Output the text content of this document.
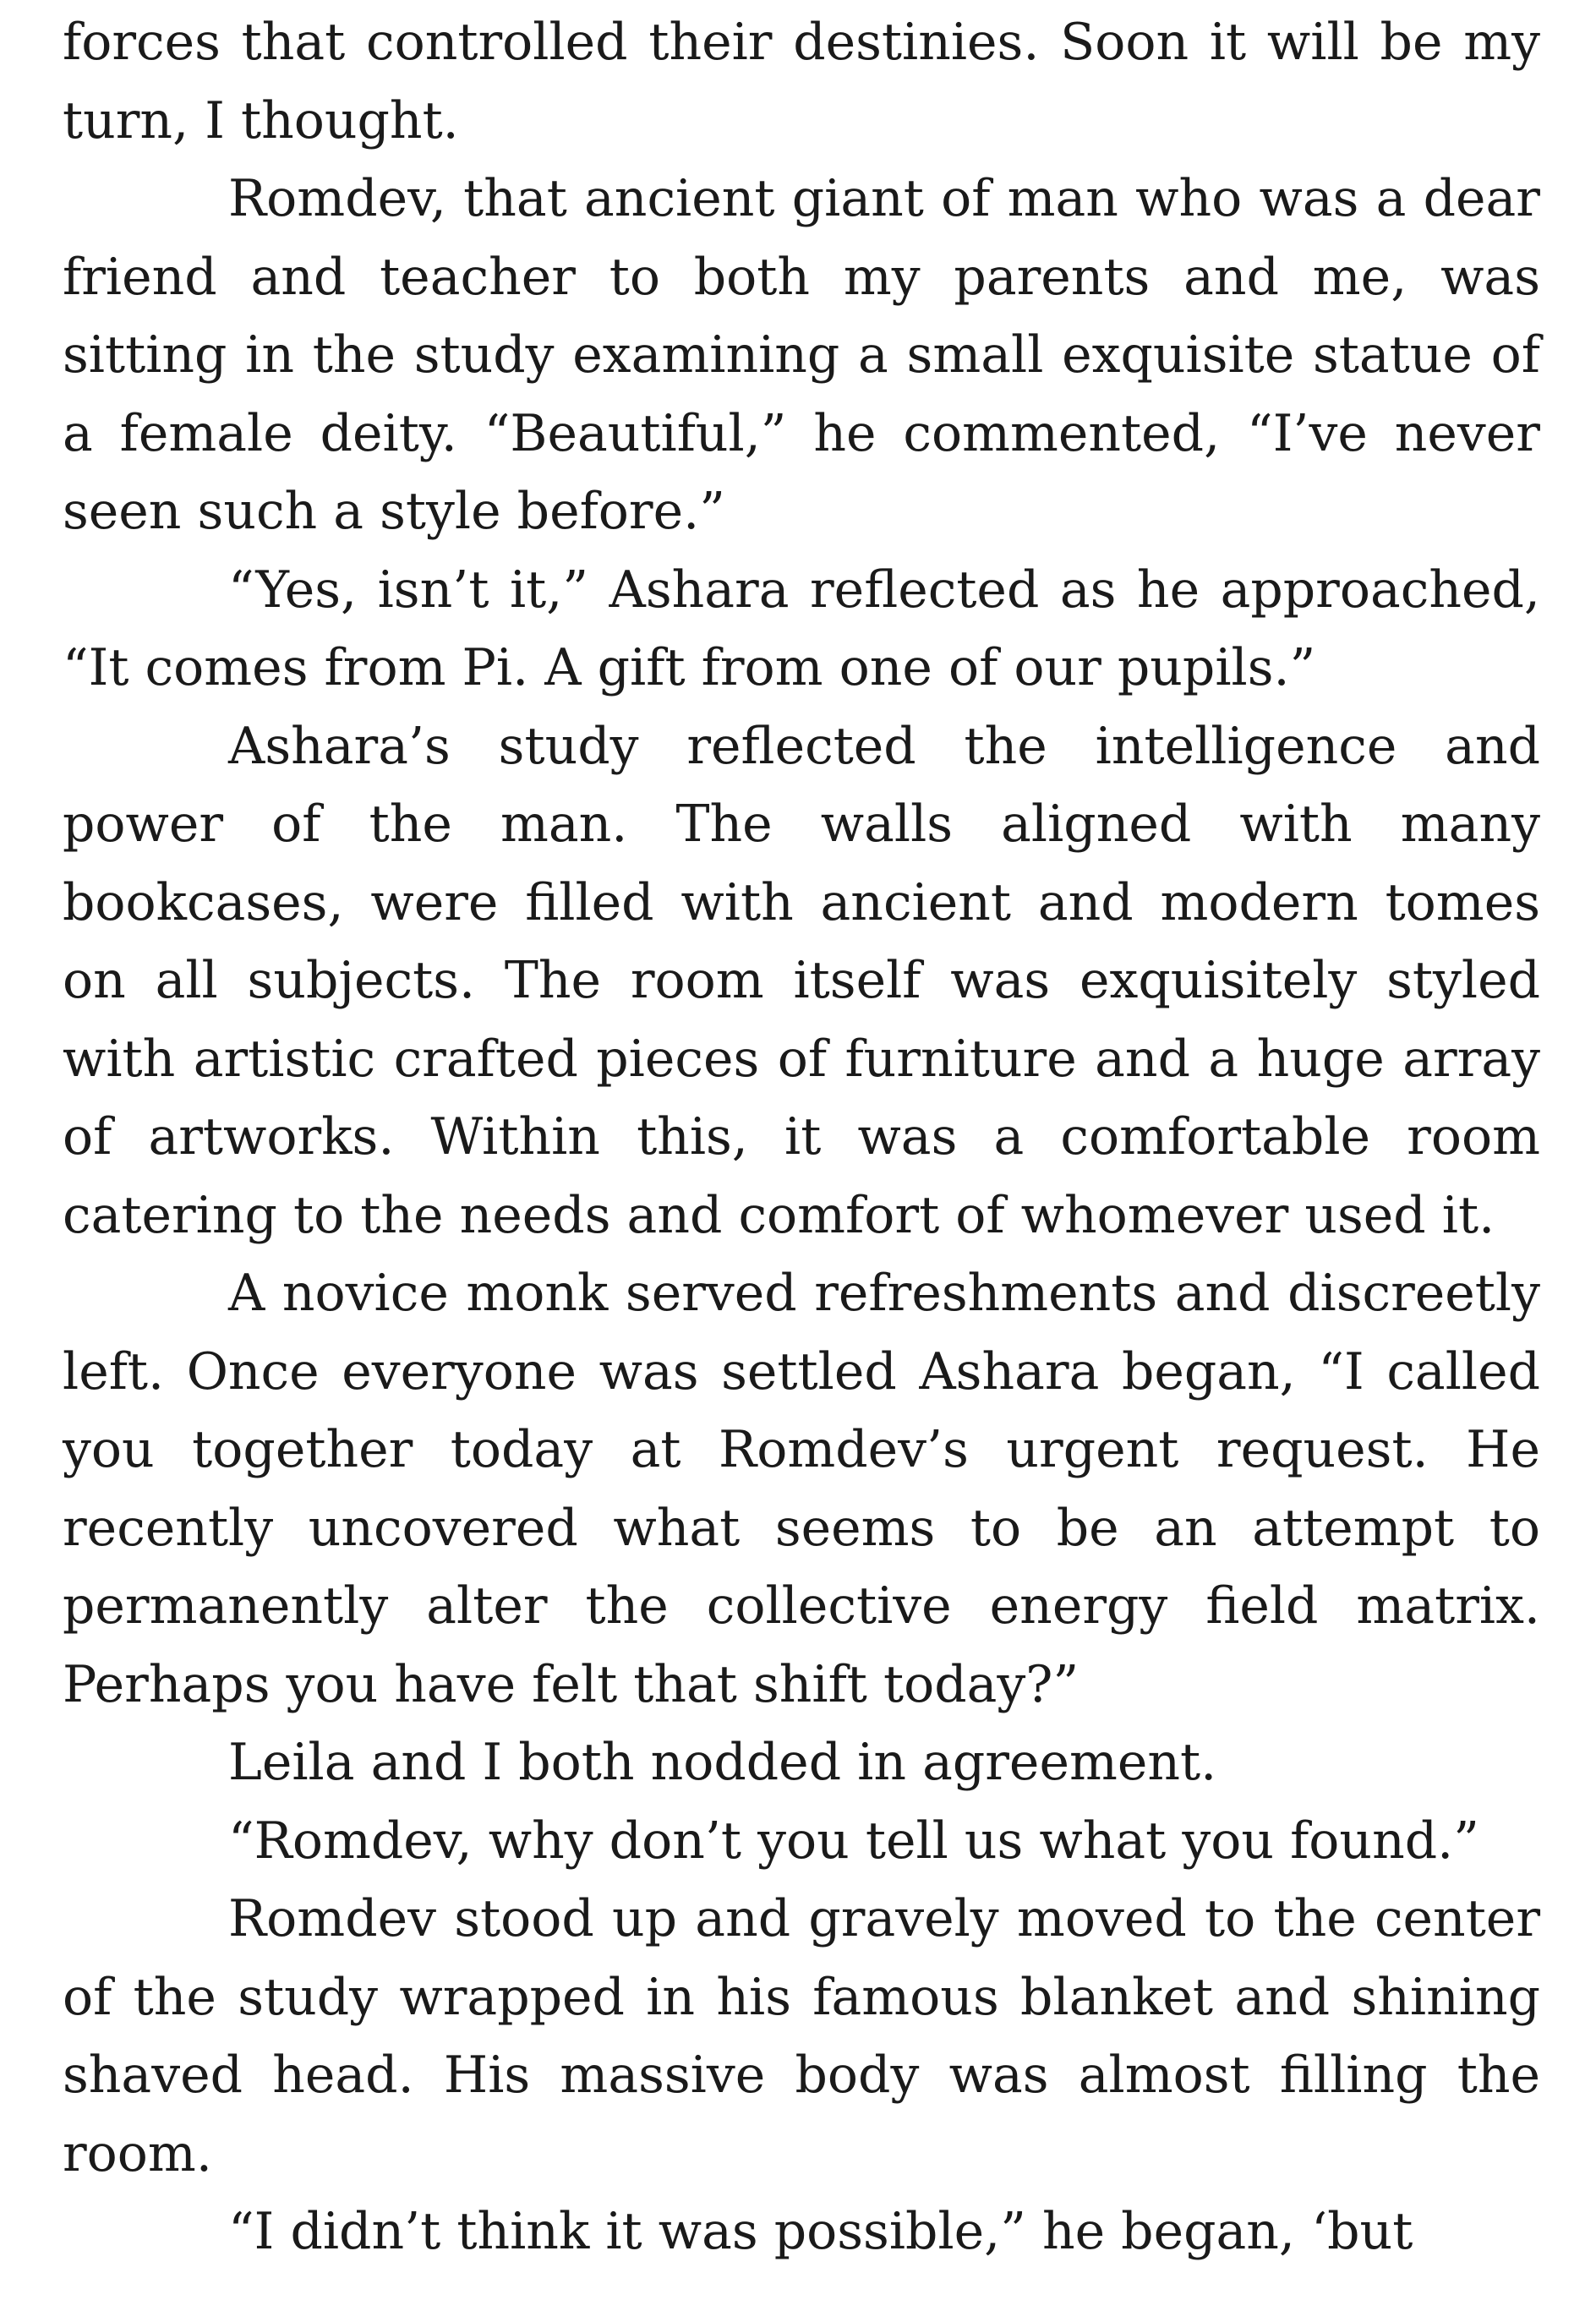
forces that controlled their destinies. Soon it will be my turn, I thought.

Romdev, that ancient giant of man who was a dear friend and teacher to both my parents and me, was sitting in the study examining a small exquisite statue of a female deity. “Beautiful,” he commented, “I’ve never seen such a style before.”

“Yes, isn’t it,” Ashara reflected as he approached, “It comes from Pi. A gift from one of our pupils.”

Ashara’s study reflected the intelligence and power of the man. The walls aligned with many bookcases, were filled with ancient and modern tomes on all subjects. The room itself was exquisitely styled with artistic crafted pieces of furniture and a huge array of artworks. Within this, it was a comfortable room catering to the needs and comfort of whomever used it.

A novice monk served refreshments and discreetly left. Once everyone was settled Ashara began, “I called you together today at Romdev’s urgent request. He recently uncovered what seems to be an attempt to permanently alter the collective energy field matrix. Perhaps you have felt that shift today?”

Leila and I both nodded in agreement.

“Romdev, why don’t you tell us what you found.”

Romdev stood up and gravely moved to the center of the study wrapped in his famous blanket and shining shaved head. His massive body was almost filling the room.

“I didn’t think it was possible,” he began, ‘but
